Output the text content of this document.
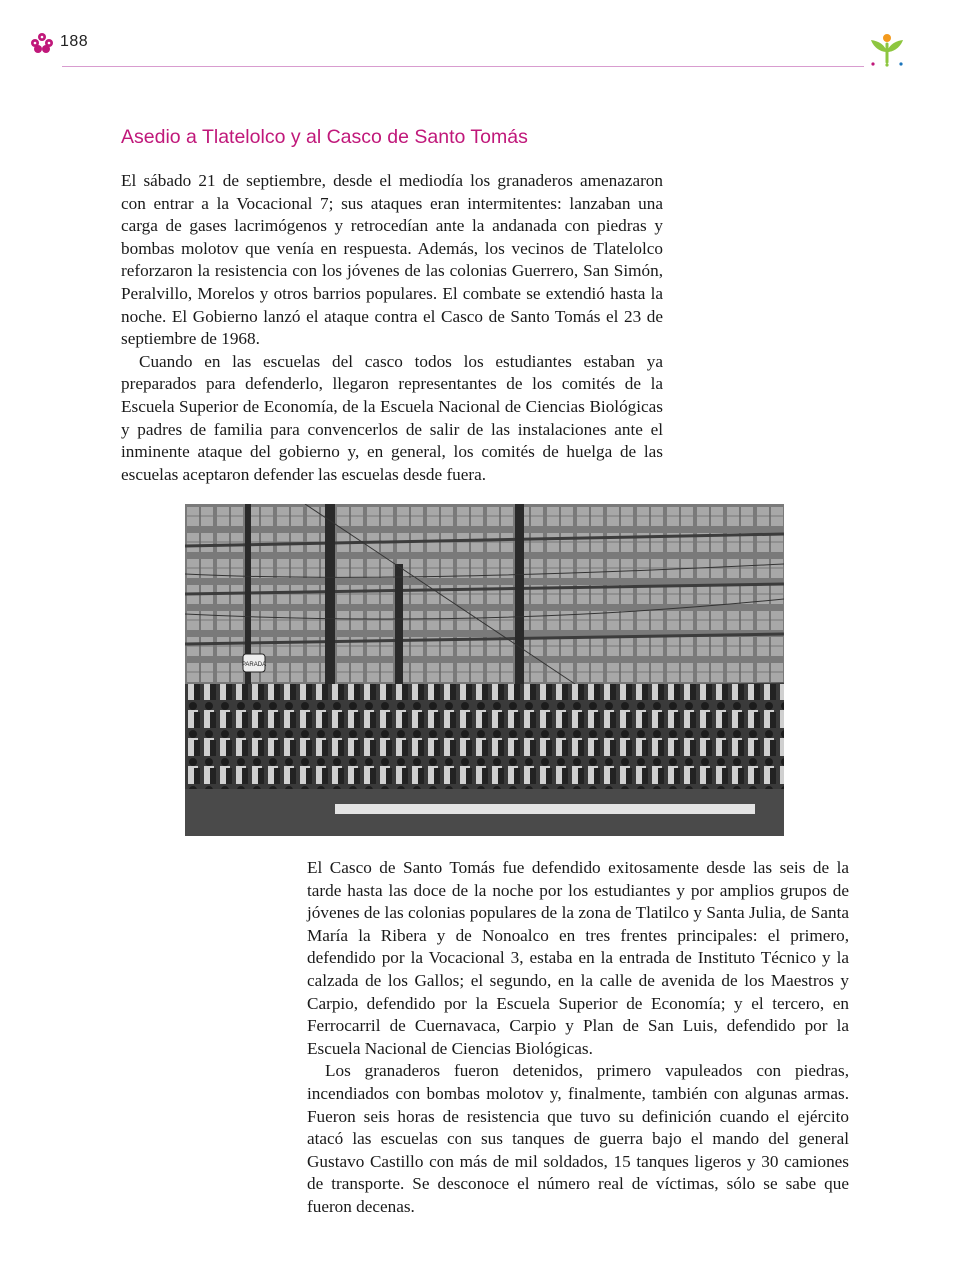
188
Asedio a Tlatelolco y al Casco de Santo Tomás

El sábado 21 de septiembre, desde el mediodía los granaderos amenazaron con entrar a la Vocacional 7; sus ataques eran intermitentes: lanzaban una carga de gases lacrimógenos y retrocedían ante la andanada con piedras y bombas molotov que venía en respuesta. Además, los vecinos de Tlatelolco reforzaron la resistencia con los jóvenes de las colonias Guerrero, San Simón, Peralvillo, Morelos y otros barrios populares. El combate se extendió hasta la noche. El Gobierno lanzó el ataque contra el Casco de Santo Tomás el 23 de septiembre de 1968.

Cuando en las escuelas del casco todos los estudiantes estaban ya preparados para defenderlo, llegaron representantes de los comités de la Escuela Superior de Economía, de la Escuela Nacional de Ciencias Biológicas y padres de familia para convencerlos de salir de las instalaciones ante el inminente ataque del gobierno y, en general, los comités de huelga de las escuelas aceptaron defender las escuelas desde fuera.

PARADA

El Casco de Santo Tomás fue defendido exitosamente desde las seis de la tarde hasta las doce de la noche por los estudiantes y por amplios grupos de jóvenes de las colonias populares de la zona de Tlatilco y Santa Julia, de Santa María la Ribera y de Nonoalco en tres frentes principales: el primero, defendido por la Vocacional 3, estaba en la entrada de Instituto Técnico y la calzada de los Gallos; el segundo, en la calle de avenida de los Maestros y Carpio, defendido por la Escuela Superior de Economía; y el tercero, en Ferrocarril de Cuernavaca, Carpio y Plan de San Luis, defendido por la Escuela Nacional de Ciencias Biológicas.

Los granaderos fueron detenidos, primero vapuleados con piedras, incendiados con bombas molotov y, finalmente, también con algunas armas. Fueron seis horas de resistencia que tuvo su definición cuando el ejército atacó las escuelas con sus tanques de guerra bajo el mando del general Gustavo Castillo con más de mil soldados, 15 tanques ligeros y 30 camiones de transporte. Se desconoce el número real de víctimas, sólo se sabe que fueron decenas.
